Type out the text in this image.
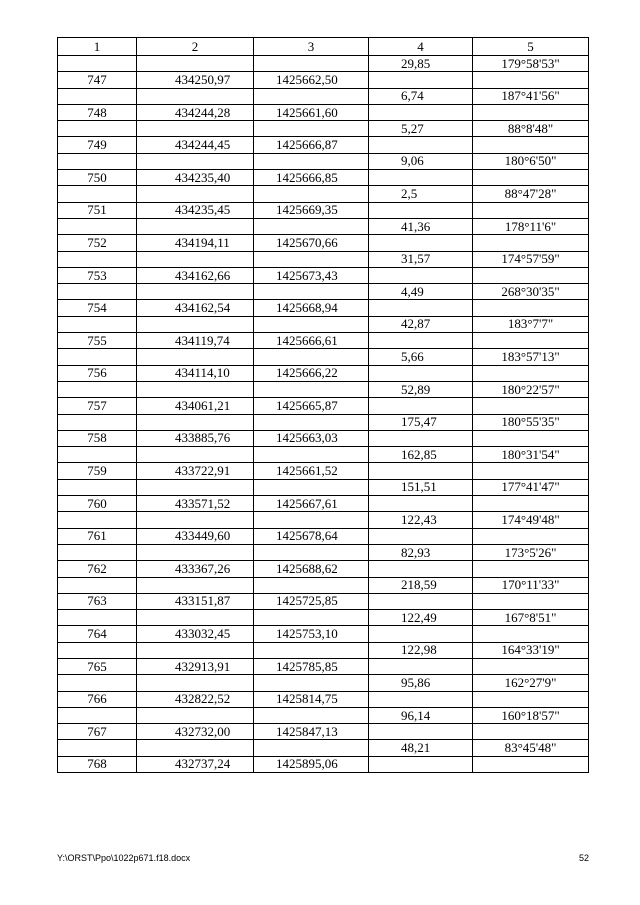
1	2	3	4	5
			29,85	179°58'53"
747	434250,97	1425662,50		
			6,74	187°41'56"
748	434244,28	1425661,60		
			5,27	88°8'48"
749	434244,45	1425666,87		
			9,06	180°6'50"
750	434235,40	1425666,85		
			2,5	88°47'28"
751	434235,45	1425669,35		
			41,36	178°11'6"
752	434194,11	1425670,66		
			31,57	174°57'59"
753	434162,66	1425673,43		
			4,49	268°30'35"
754	434162,54	1425668,94		
			42,87	183°7'7"
755	434119,74	1425666,61		
			5,66	183°57'13"
756	434114,10	1425666,22		
			52,89	180°22'57"
757	434061,21	1425665,87		
			175,47	180°55'35"
758	433885,76	1425663,03		
			162,85	180°31'54"
759	433722,91	1425661,52		
			151,51	177°41'47"
760	433571,52	1425667,61		
			122,43	174°49'48"
761	433449,60	1425678,64		
			82,93	173°5'26"
762	433367,26	1425688,62		
			218,59	170°11'33"
763	433151,87	1425725,85		
			122,49	167°8'51"
764	433032,45	1425753,10		
			122,98	164°33'19"
765	432913,91	1425785,85		
			95,86	162°27'9"
766	432822,52	1425814,75		
			96,14	160°18'57"
767	432732,00	1425847,13		
			48,21	83°45'48"
768	432737,24	1425895,06		
Y:\ORST\Ppo\1022p671.f18.docx	52
